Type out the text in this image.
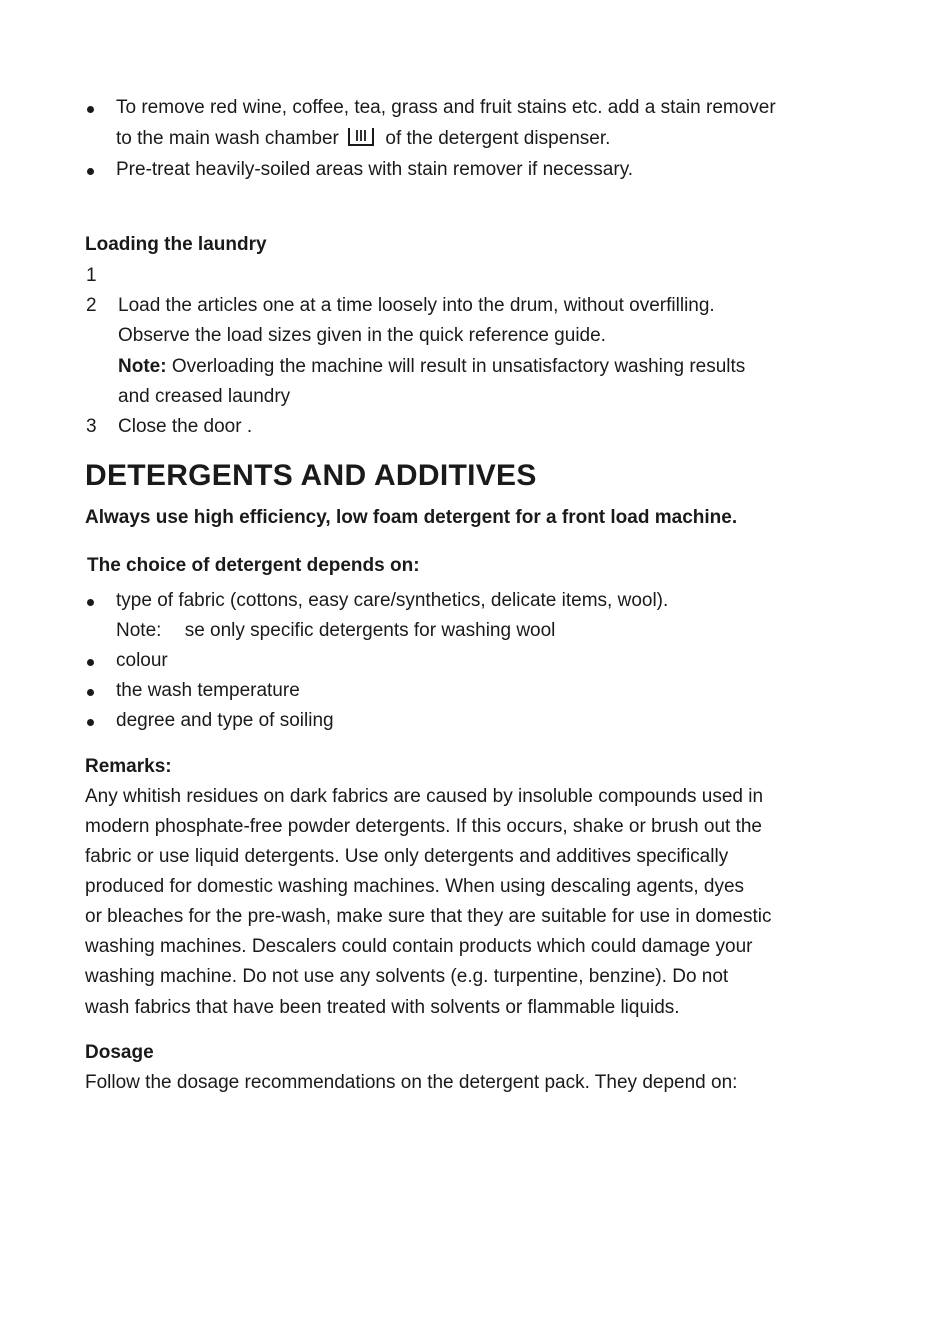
To remove red wine, coffee, tea, grass and fruit stains etc. add a stain remover
to the main wash chamber of the detergent dispenser.
Pre-treat heavily-soiled areas with stain remover if necessary.
Loading the laundry
1
2 Load the articles one at a time loosely into the drum, without overfilling.
Observe the load sizes given in the quick reference guide.
Note: Overloading the machine will result in unsatisfactory washing results
and creased laundry
3 Close the door .
DETERGENTS AND ADDITIVES
Always use high efficiency, low foam detergent for a front load machine.
The choice of detergent depends on:
type of fabric (cottons, easy care/synthetics, delicate items, wool).
Note: se only specific detergents for washing wool
colour
the wash temperature
degree and type of soiling
Remarks:
Any whitish residues on dark fabrics are caused by insoluble compounds used in
modern phosphate-free powder detergents. If this occurs, shake or brush out the
fabric or use liquid detergents. Use only detergents and additives specifically
produced for domestic washing machines. When using descaling agents, dyes
or bleaches for the pre-wash, make sure that they are suitable for use in domestic
washing machines. Descalers could contain products which could damage your
washing machine. Do not use any solvents (e.g. turpentine, benzine). Do not
wash fabrics that have been treated with solvents or flammable liquids.
Dosage
Follow the dosage recommendations on the detergent pack. They depend on:
